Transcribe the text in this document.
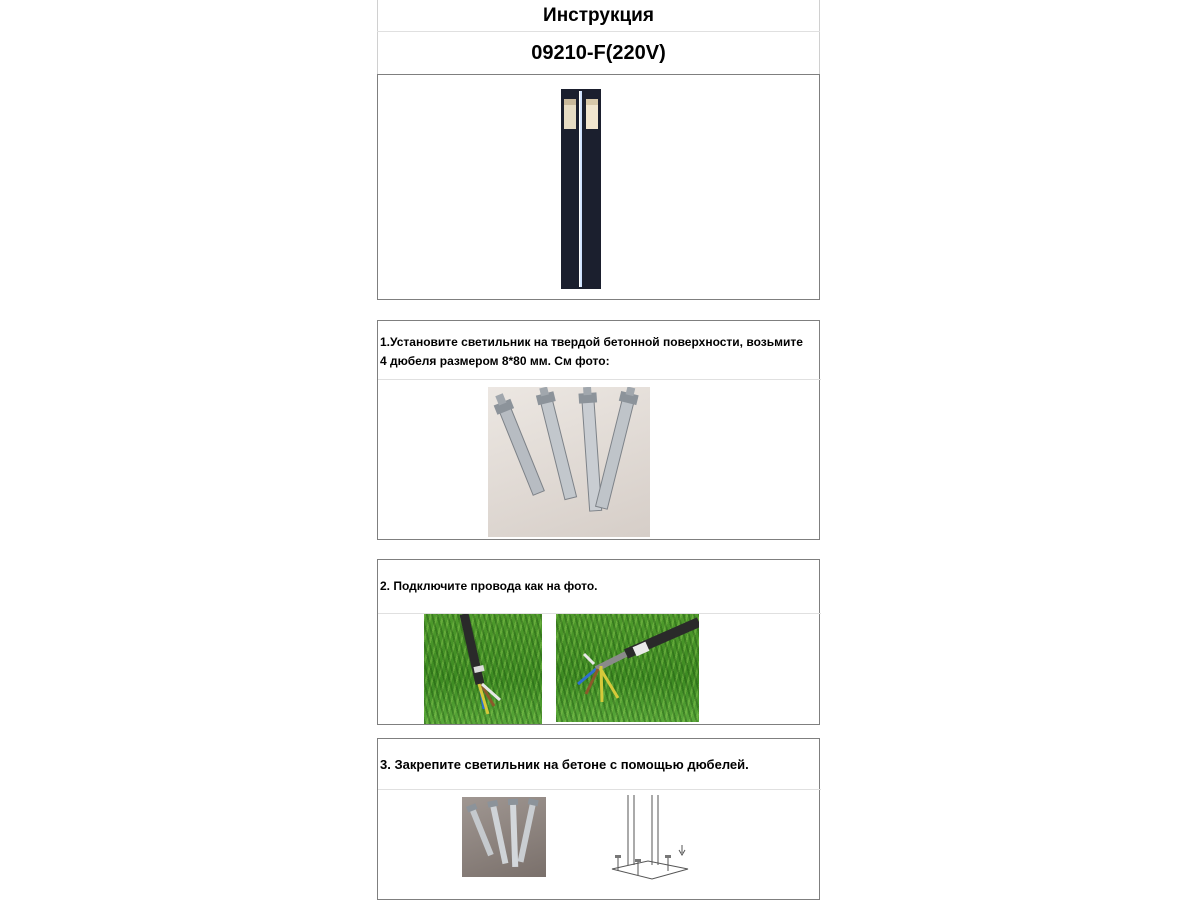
Инструкция
09210-F(220V)
1.Установите светильник на твердой бетонной поверхности, возьмите 4 дюбеля размером 8*80 мм. См фото:
2. Подключите провода как на фото.
3. Закрепите светильник на бетоне с помощью дюбелей.
